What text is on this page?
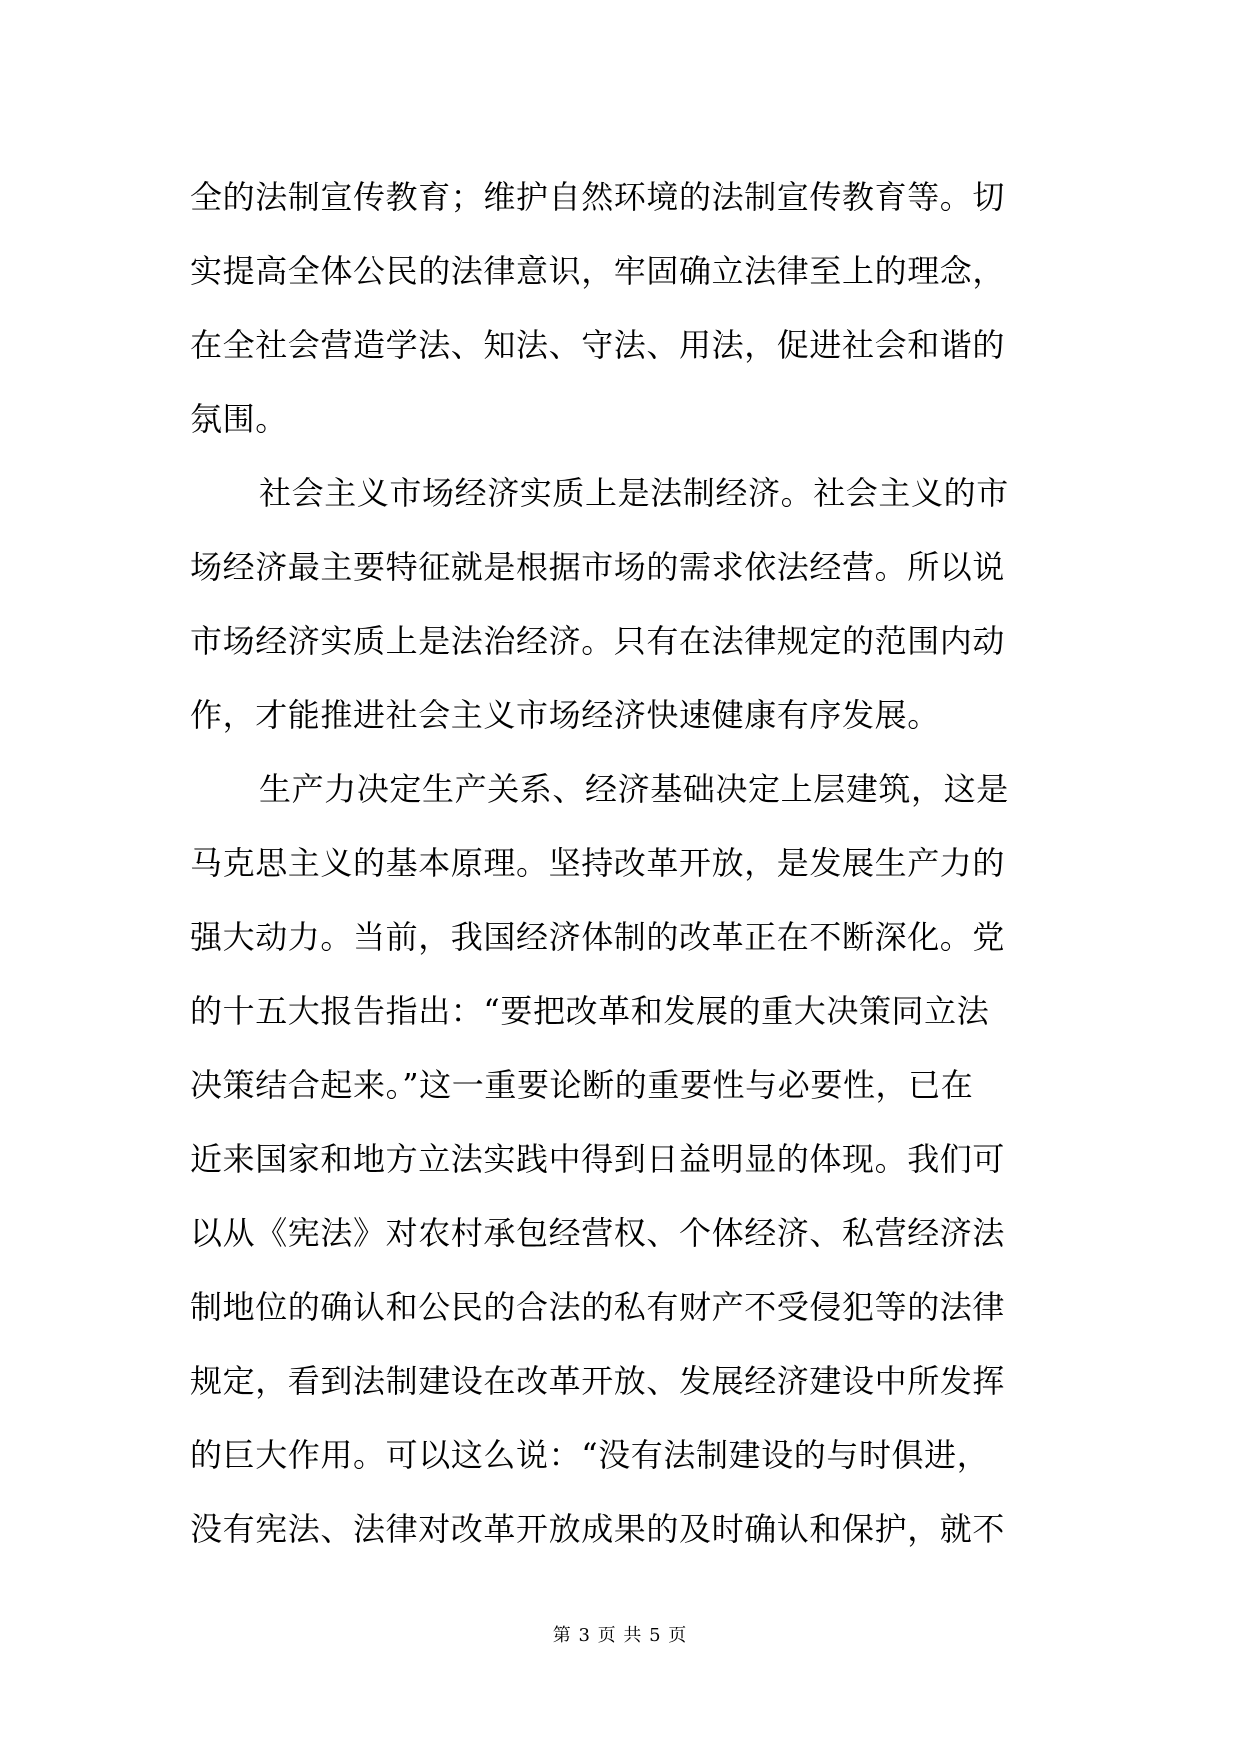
全的法制宣传教育；维护自然环境的法制宣传教育等。切
实提高全体公民的法律意识，牢固确立法律至上的理念，
在全社会营造学法、知法、守法、用法，促进社会和谐的
氛围。
社会主义市场经济实质上是法制经济。社会主义的市
场经济最主要特征就是根据市场的需求依法经营。所以说
市场经济实质上是法治经济。只有在法律规定的范围内动
作，才能推进社会主义市场经济快速健康有序发展。
生产力决定生产关系、经济基础决定上层建筑，这是
马克思主义的基本原理。坚持改革开放，是发展生产力的
强大动力。当前，我国经济体制的改革正在不断深化。党
的十五大报告指出：“要把改革和发展的重大决策同立法
决策结合起来。”这一重要论断的重要性与必要性，已在
近来国家和地方立法实践中得到日益明显的体现。我们可
以从《宪法》对农村承包经营权、个体经济、私营经济法
制地位的确认和公民的合法的私有财产不受侵犯等的法律
规定，看到法制建设在改革开放、发展经济建设中所发挥
的巨大作用。可以这么说：“没有法制建设的与时俱进，
没有宪法、法律对改革开放成果的及时确认和保护，就不
第 3 页 共 5 页
